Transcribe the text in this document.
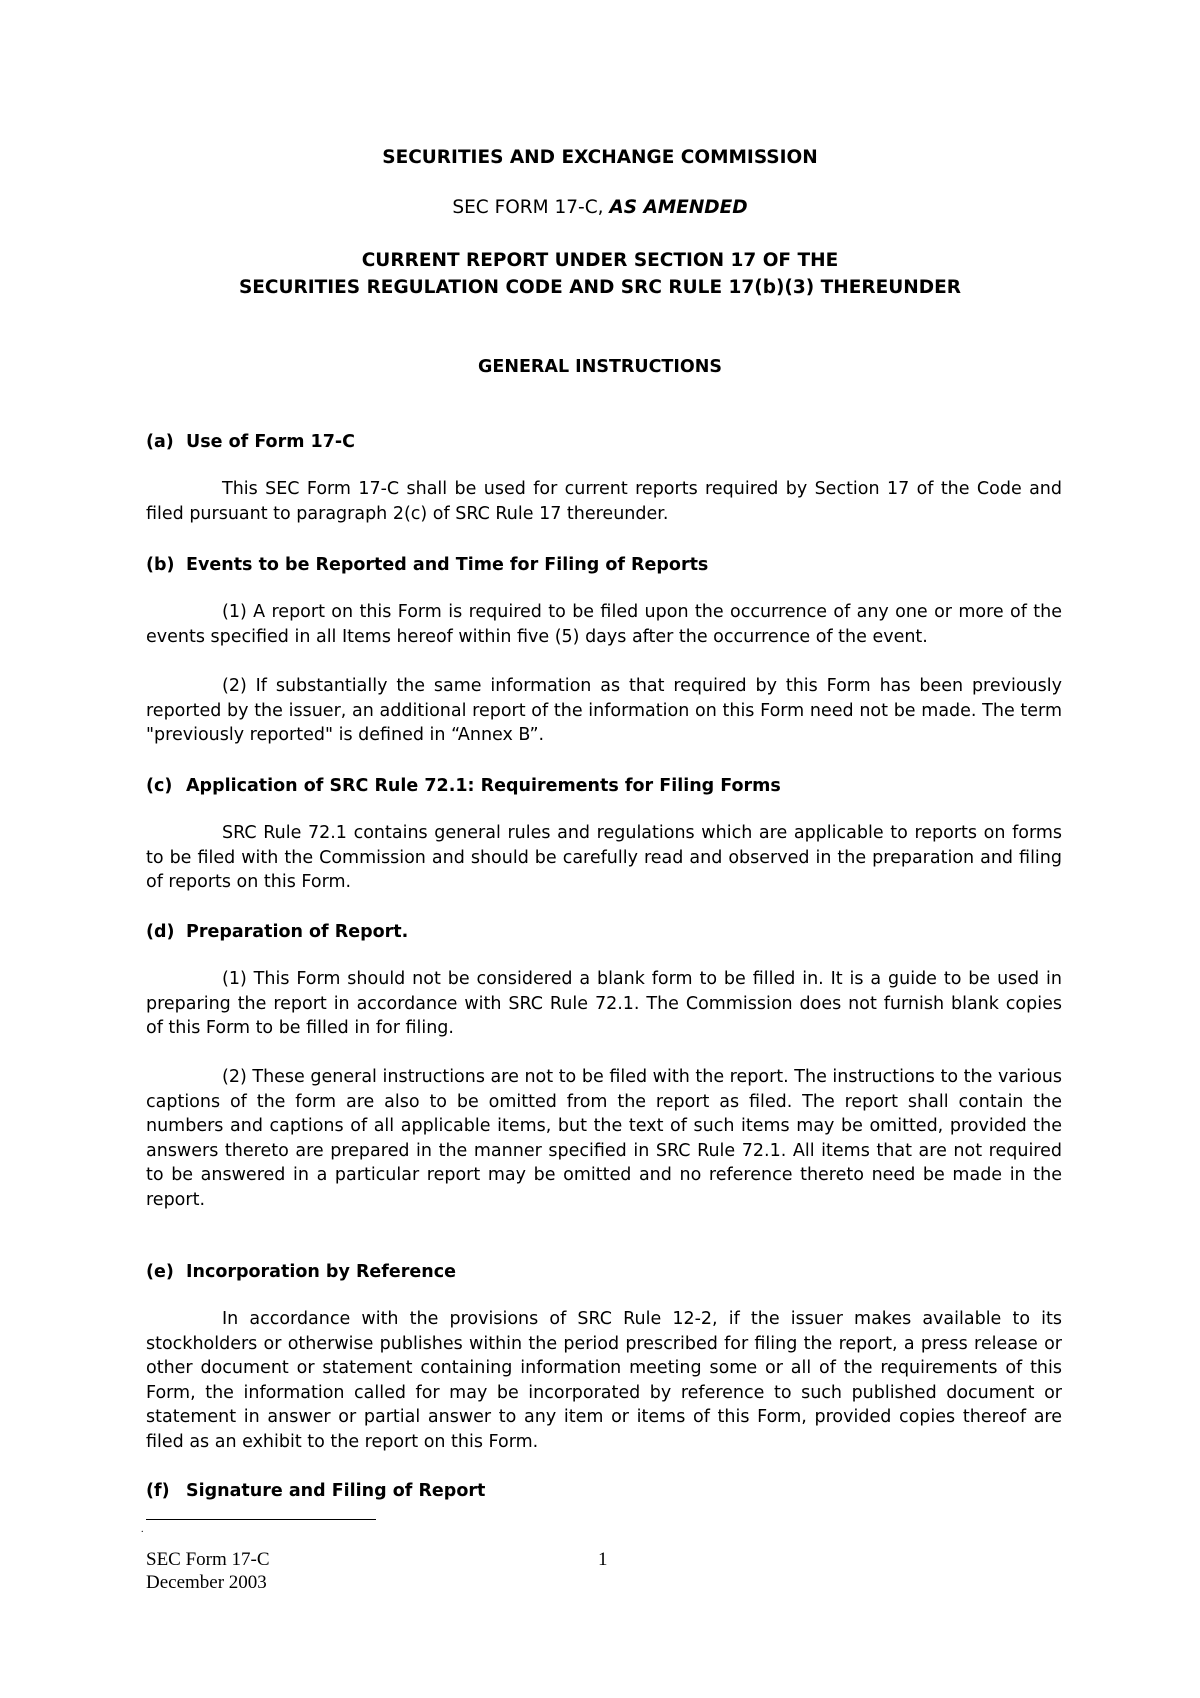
SECURITIES AND EXCHANGE COMMISSION
SEC FORM 17-C, AS AMENDED
CURRENT REPORT UNDER SECTION 17 OF THE
SECURITIES REGULATION CODE AND SRC RULE 17(b)(3) THEREUNDER
GENERAL INSTRUCTIONS
(a) Use of Form 17-C
This SEC Form 17-C shall be used for current reports required by Section 17 of the Code and filed pursuant to paragraph 2(c) of SRC Rule 17 thereunder.
(b) Events to be Reported and Time for Filing of Reports
(1) A report on this Form is required to be filed upon the occurrence of any one or more of the events specified in all Items hereof within five (5) days after the occurrence of the event.
(2) If substantially the same information as that required by this Form has been previously reported by the issuer, an additional report of the information on this Form need not be made. The term "previously reported" is defined in “Annex B”.
(c) Application of SRC Rule 72.1: Requirements for Filing Forms
SRC Rule 72.1 contains general rules and regulations which are applicable to reports on forms to be filed with the Commission and should be carefully read and observed in the preparation and filing of reports on this Form.
(d) Preparation of Report.
(1) This Form should not be considered a blank form to be filled in. It is a guide to be used in preparing the report in accordance with SRC Rule 72.1. The Commission does not furnish blank copies of this Form to be filled in for filing.
(2) These general instructions are not to be filed with the report. The instructions to the various captions of the form are also to be omitted from the report as filed. The report shall contain the numbers and captions of all applicable items, but the text of such items may be omitted, provided the answers thereto are prepared in the manner specified in SRC Rule 72.1. All items that are not required to be answered in a particular report may be omitted and no reference thereto need be made in the report.
(e) Incorporation by Reference
In accordance with the provisions of SRC Rule 12-2, if the issuer makes available to its stockholders or otherwise publishes within the period prescribed for filing the report, a press release or other document or statement containing information meeting some or all of the requirements of this Form, the information called for may be incorporated by reference to such published document or statement in answer or partial answer to any item or items of this Form, provided copies thereof are filed as an exhibit to the report on this Form.
(f) Signature and Filing of Report
.
SEC Form 17-C
December 2003
1
